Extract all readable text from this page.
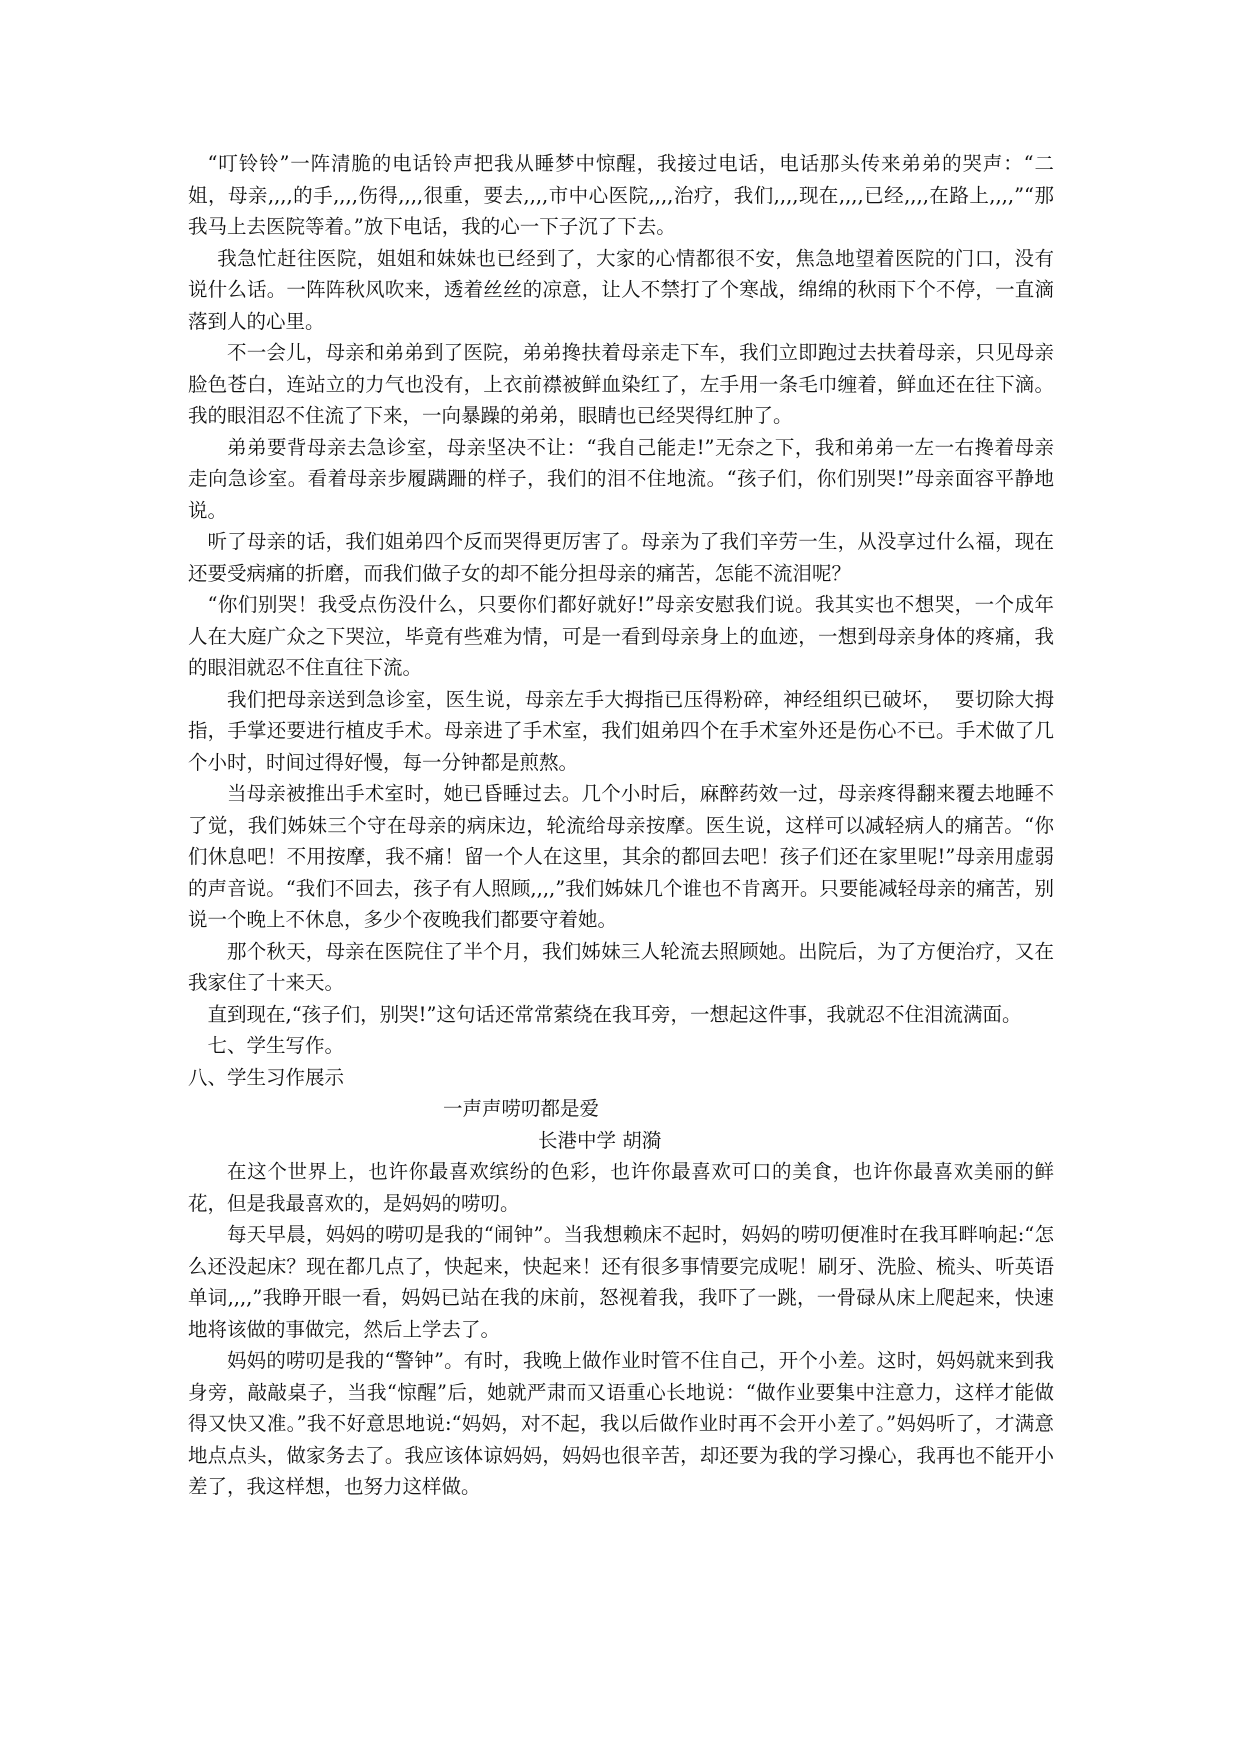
“叮铃铃”一阵清脆的电话铃声把我从睡梦中惊醒，我接过电话，电话那头传来弟弟的哭声：“二姐，母亲,,,,的手,,,,伤得,,,,很重，要去,,,,市中心医院,,,,治疗，我们,,,,现在,,,,已经,,,,在路上,,,,”“那我马上去医院等着。”放下电话，我的心一下子沉了下去。

我急忙赶往医院，姐姐和妹妹也已经到了，大家的心情都很不安，焦急地望着医院的门口，没有说什么话。一阵阵秋风吹来，透着丝丝的凉意，让人不禁打了个寒战，绵绵的秋雨下个不停，一直滴落到人的心里。

不一会儿，母亲和弟弟到了医院，弟弟搀扶着母亲走下车，我们立即跑过去扶着母亲，只见母亲脸色苍白，连站立的力气也没有，上衣前襟被鲜血染红了，左手用一条毛巾缠着，鲜血还在往下滴。我的眼泪忍不住流了下来，一向暴躁的弟弟，眼睛也已经哭得红肿了。

弟弟要背母亲去急诊室，母亲坚决不让：“我自己能走!”无奈之下，我和弟弟一左一右搀着母亲走向急诊室。看着母亲步履蹒跚的样子，我们的泪不住地流。“孩子们，你们别哭!”母亲面容平静地说。

听了母亲的话，我们姐弟四个反而哭得更厉害了。母亲为了我们辛劳一生，从没享过什么福，现在还要受病痛的折磨，而我们做子女的却不能分担母亲的痛苦，怎能不流泪呢？

“你们别哭！我受点伤没什么，只要你们都好就好!”母亲安慰我们说。我其实也不想哭，一个成年人在大庭广众之下哭泣，毕竟有些难为情，可是一看到母亲身上的血迹，一想到母亲身体的疼痛，我的眼泪就忍不住直往下流。

我们把母亲送到急诊室，医生说，母亲左手大拇指已压得粉碎，神经组织已破坏，  要切除大拇指，手掌还要进行植皮手术。母亲进了手术室，我们姐弟四个在手术室外还是伤心不已。手术做了几个小时，时间过得好慢，每一分钟都是煎熬。

当母亲被推出手术室时，她已昏睡过去。几个小时后，麻醉药效一过，母亲疼得翻来覆去地睡不了觉，我们姊妹三个守在母亲的病床边，轮流给母亲按摩。医生说，这样可以减轻病人的痛苦。“你们休息吧！不用按摩，我不痛！留一个人在这里，其余的都回去吧！孩子们还在家里呢!”母亲用虚弱的声音说。“我们不回去，孩子有人照顾,,,,”我们姊妹几个谁也不肯离开。只要能减轻母亲的痛苦，别说一个晚上不休息，多少个夜晚我们都要守着她。

那个秋天，母亲在医院住了半个月，我们姊妹三人轮流去照顾她。出院后，为了方便治疗，又在我家住了十来天。

直到现在,“孩子们，别哭!”这句话还常常萦绕在我耳旁，一想起这件事，我就忍不住泪流满面。

七、学生写作。

八、学生习作展示

一声声唠叨都是爱

长港中学 胡漪

在这个世界上，也许你最喜欢缤纷的色彩，也许你最喜欢可口的美食，也许你最喜欢美丽的鲜花，但是我最喜欢的，是妈妈的唠叨。

每天早晨，妈妈的唠叨是我的“闹钟”。当我想赖床不起时，妈妈的唠叨便准时在我耳畔响起:“怎么还没起床？现在都几点了，快起来，快起来！还有很多事情要完成呢！刷牙、洗脸、梳头、听英语单词,,,,”我睁开眼一看，妈妈已站在我的床前，怒视着我，我吓了一跳，一骨碌从床上爬起来，快速地将该做的事做完，然后上学去了。

妈妈的唠叨是我的“警钟”。有时，我晚上做作业时管不住自己，开个小差。这时，妈妈就来到我身旁，敲敲桌子，当我“惊醒”后，她就严肃而又语重心长地说：“做作业要集中注意力，这样才能做得又快又准。”我不好意思地说:“妈妈，对不起，我以后做作业时再不会开小差了。”妈妈听了，才满意地点点头，做家务去了。我应该体谅妈妈，妈妈也很辛苦，却还要为我的学习操心，我再也不能开小差了，我这样想，也努力这样做。
